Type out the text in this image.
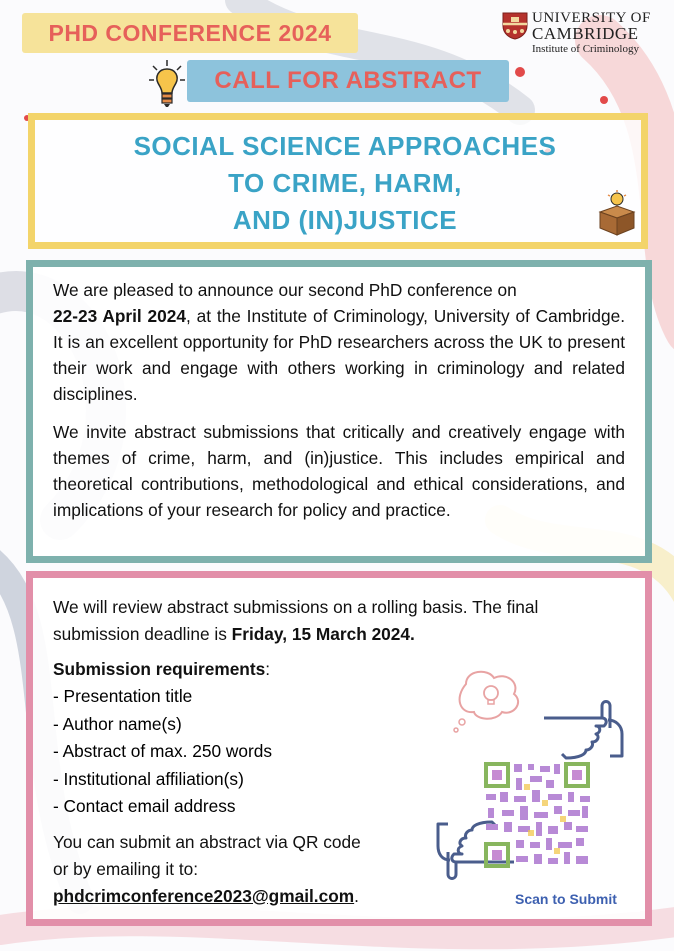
PHD CONFERENCE 2024
UNIVERSITY OF
CAMBRIDGE
Institute of Criminology
CALL FOR ABSTRACT
SOCIAL SCIENCE APPROACHES
TO CRIME, HARM,
AND (IN)JUSTICE

We are pleased to announce our second PhD conference on
22-23 April 2024, at the Institute of Criminology, University of Cambridge. It is an excellent opportunity for PhD researchers across the UK to present their work and engage with others working in criminology and related disciplines.

We invite abstract submissions that critically and creatively engage with themes of crime, harm, and (in)justice. This includes empirical and theoretical contributions, methodological and ethical considerations, and implications of your research for policy and practice.

We will review abstract submissions on a rolling basis. The final submission deadline is Friday, 15 March 2024.
Submission requirements:
- Presentation title
- Author name(s)
- Abstract of max. 250 words
- Institutional affiliation(s)
- Contact email address
You can submit an abstract via QR code
or by emailing it to:
phdcrimconference2023@gmail.com.	Scan to Submit
